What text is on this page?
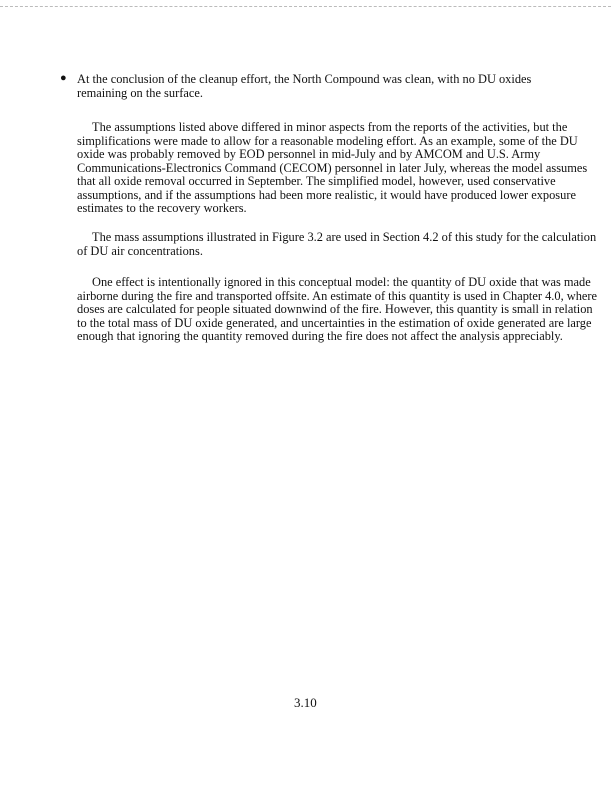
● At the conclusion of the cleanup effort, the North Compound was clean, with no DU oxides
remaining on the surface.
The assumptions listed above differed in minor aspects from the reports of the activities, but the
simplifications were made to allow for a reasonable modeling effort. As an example, some of the DU
oxide was probably removed by EOD personnel in mid-July and by AMCOM and U.S. Army
Communications-Electronics Command (CECOM) personnel in later July, whereas the model assumes
that all oxide removal occurred in September. The simplified model, however, used conservative
assumptions, and if the assumptions had been more realistic, it would have produced lower exposure
estimates to the recovery workers.
The mass assumptions illustrated in Figure 3.2 are used in Section 4.2 of this study for the calculation
of DU air concentrations.
One effect is intentionally ignored in this conceptual model: the quantity of DU oxide that was made
airborne during the fire and transported offsite. An estimate of this quantity is used in Chapter 4.0, where
doses are calculated for people situated downwind of the fire. However, this quantity is small in relation
to the total mass of DU oxide generated, and uncertainties in the estimation of oxide generated are large
enough that ignoring the quantity removed during the fire does not affect the analysis appreciably.
3.10
